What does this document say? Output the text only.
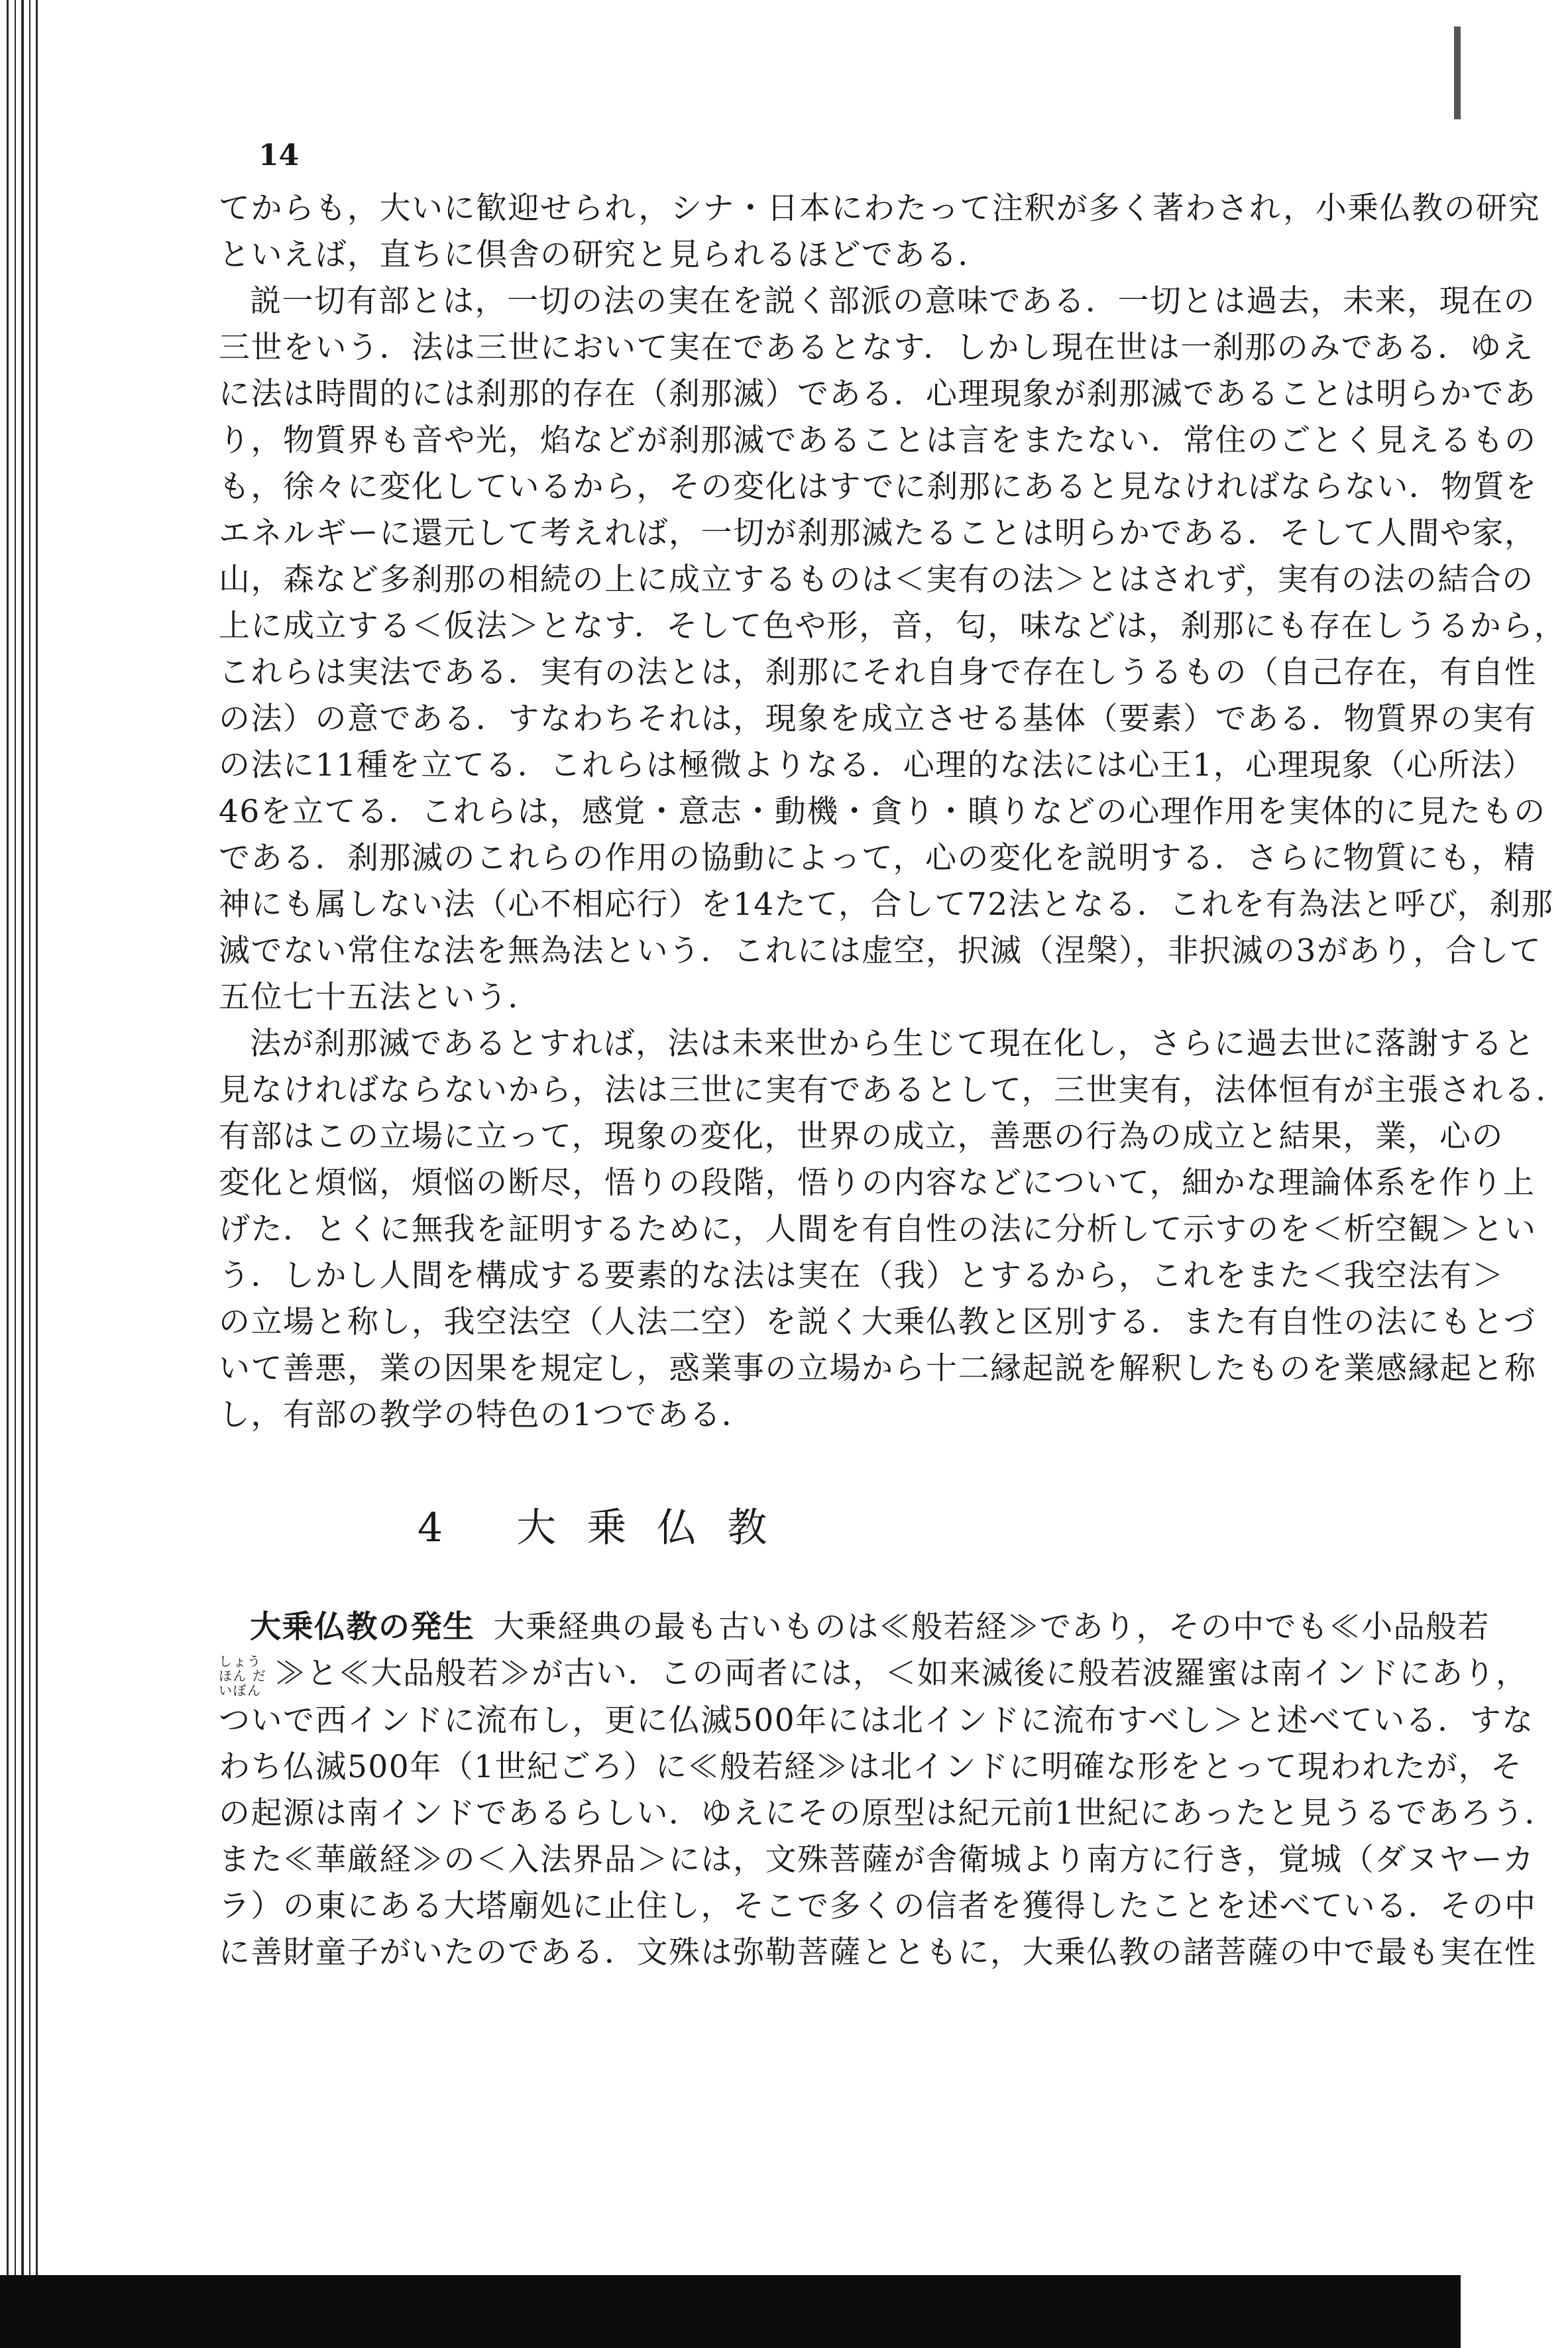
14
てからも，大いに歓迎せられ，シナ・日本にわたって注釈が多く著わされ，小乗仏教の研究
といえば，直ちに倶舎の研究と見られるほどである．
説一切有部とは，一切の法の実在を説く部派の意味である．一切とは過去，未来，現在の
三世をいう．法は三世において実在であるとなす．しかし現在世は一刹那のみである．ゆえ
に法は時間的には刹那的存在（刹那滅）である．心理現象が刹那滅であることは明らかであ
り，物質界も音や光，焰などが刹那滅であることは言をまたない．常住のごとく見えるもの
も，徐々に変化しているから，その変化はすでに刹那にあると見なければならない．物質を
エネルギーに還元して考えれば，一切が刹那滅たることは明らかである．そして人間や家，
山，森など多刹那の相続の上に成立するものは＜実有の法＞とはされず，実有の法の結合の
上に成立する＜仮法＞となす．そして色や形，音，匂，味などは，刹那にも存在しうるから，
これらは実法である．実有の法とは，刹那にそれ自身で存在しうるもの（自己存在，有自性
の法）の意である．すなわちそれは，現象を成立させる基体（要素）である．物質界の実有
の法に11種を立てる．これらは極微よりなる．心理的な法には心王1，心理現象（心所法）
46を立てる．これらは，感覚・意志・動機・貪り・瞋りなどの心理作用を実体的に見たもの
である．刹那滅のこれらの作用の協動によって，心の変化を説明する．さらに物質にも，精
神にも属しない法（心不相応行）を14たて，合して72法となる．これを有為法と呼び，刹那
滅でない常住な法を無為法という．これには虚空，択滅（涅槃），非択滅の3があり，合して
五位七十五法という．
法が刹那滅であるとすれば，法は未来世から生じて現在化し，さらに過去世に落謝すると
見なければならないから，法は三世に実有であるとして，三世実有，法体恒有が主張される．
有部はこの立場に立って，現象の変化，世界の成立，善悪の行為の成立と結果，業，心の
変化と煩悩，煩悩の断尽，悟りの段階，悟りの内容などについて，細かな理論体系を作り上
げた．とくに無我を証明するために，人間を有自性の法に分析して示すのを＜析空観＞とい
う．しかし人間を構成する要素的な法は実在（我）とするから，これをまた＜我空法有＞
の立場と称し，我空法空（人法二空）を説く大乗仏教と区別する．また有自性の法にもとづ
いて善悪，業の因果を規定し，惑業事の立場から十二縁起説を解釈したものを業感縁起と称
し，有部の教学の特色の1つである．
4 大乗仏教
大乗仏教の発生 大乗経典の最も古いものは≪般若経≫であり，その中でも≪小品般若
しょうほん だいぼん ≫と≪大品般若≫が古い．この両者には，＜如来滅後に般若波羅蜜は南インドにあり，
ついで西インドに流布し，更に仏滅500年には北インドに流布すべし＞と述べている．すな
わち仏滅500年（1世紀ごろ）に≪般若経≫は北インドに明確な形をとって現われたが，そ
の起源は南インドであるらしい．ゆえにその原型は紀元前1世紀にあったと見うるであろう．
また≪華厳経≫の＜入法界品＞には，文殊菩薩が舎衛城より南方に行き，覚城（ダヌヤーカ
ラ）の東にある大塔廟処に止住し，そこで多くの信者を獲得したことを述べている．その中
に善財童子がいたのである．文殊は弥勒菩薩とともに，大乗仏教の諸菩薩の中で最も実在性
